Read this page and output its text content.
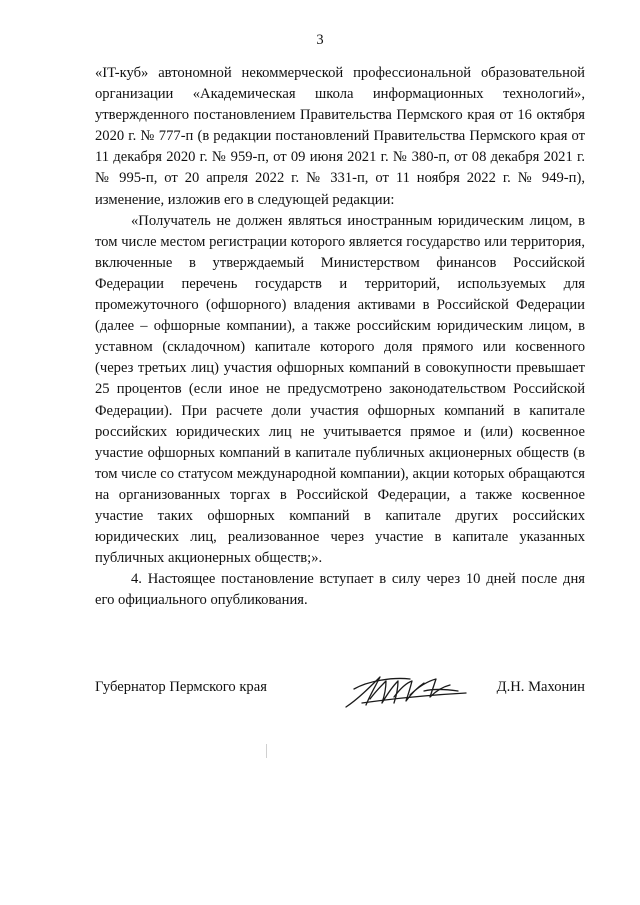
3

«IT-куб» автономной некоммерческой профессиональной образовательной организации «Академическая школа информационных технологий», утвержденного постановлением Правительства Пермского края от 16 октября 2020 г. № 777-п (в редакции постановлений Правительства Пермского края от 11 декабря 2020 г. № 959-п, от 09 июня 2021 г. № 380-п, от 08 декабря 2021 г. № 995-п, от 20 апреля 2022 г. № 331-п, от 11 ноября 2022 г. № 949-п), изменение, изложив его в следующей редакции:

«Получатель не должен являться иностранным юридическим лицом, в том числе местом регистрации которого является государство или территория, включенные в утверждаемый Министерством финансов Российской Федерации перечень государств и территорий, используемых для промежуточного (офшорного) владения активами в Российской Федерации (далее – офшорные компании), а также российским юридическим лицом, в уставном (складочном) капитале которого доля прямого или косвенного (через третьих лиц) участия офшорных компаний в совокупности превышает 25 процентов (если иное не предусмотрено законодательством Российской Федерации). При расчете доли участия офшорных компаний в капитале российских юридических лиц не учитывается прямое и (или) косвенное участие офшорных компаний в капитале публичных акционерных обществ (в том числе со статусом международной компании), акции которых обращаются на организованных торгах в Российской Федерации, а также косвенное участие таких офшорных компаний в капитале других российских юридических лиц, реализованное через участие в капитале указанных публичных акционерных обществ;».

4. Настоящее постановление вступает в силу через 10 дней после дня его официального опубликования.

Губернатор Пермского края	Д.Н. Махонин
